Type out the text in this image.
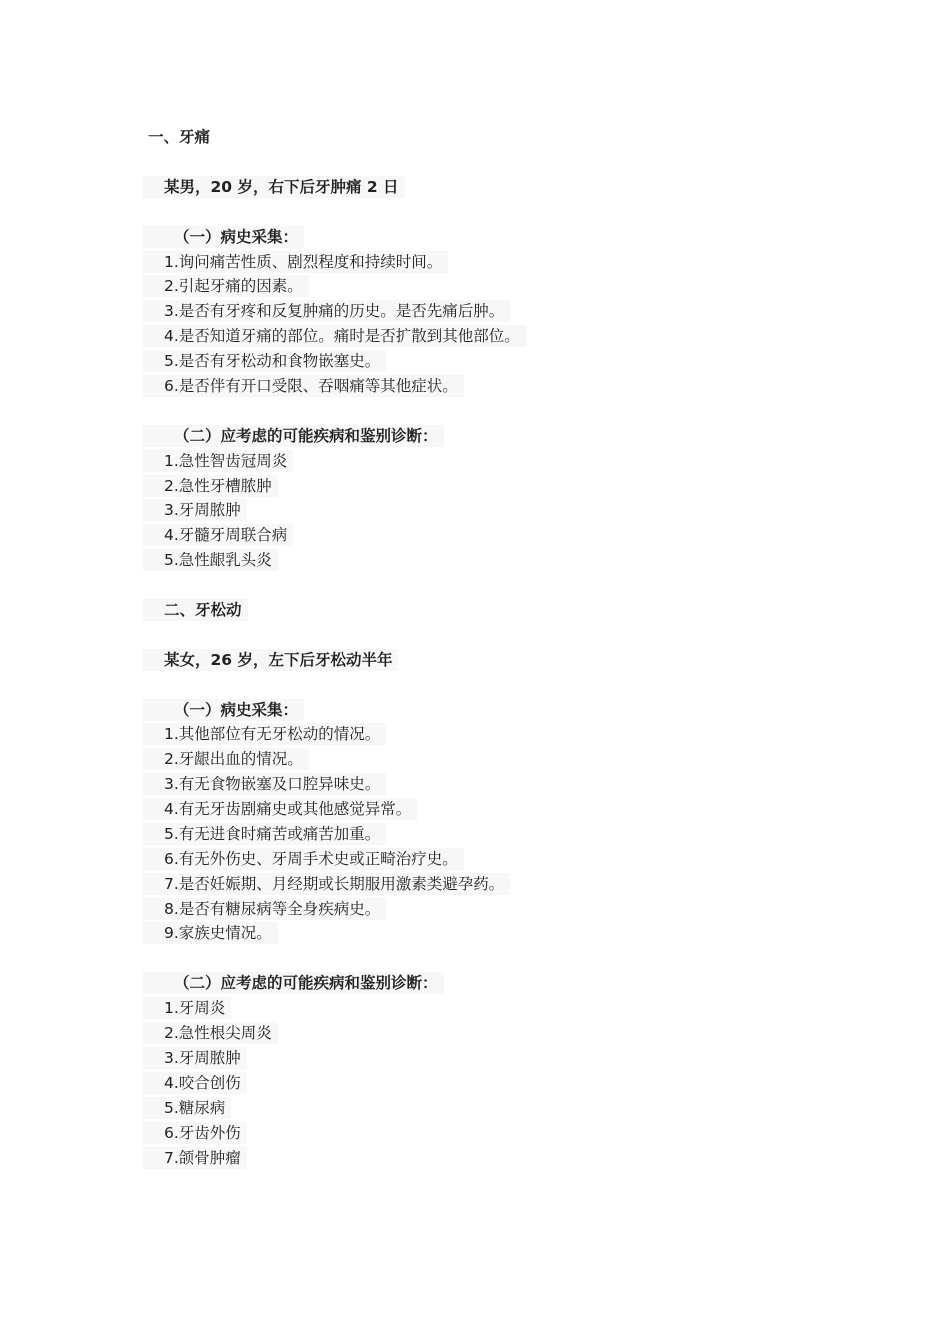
一、牙痛
某男，20 岁，右下后牙肿痛 2 日
（一）病史采集：
1.询问痛苦性质、剧烈程度和持续时间。
2.引起牙痛的因素。
3.是否有牙疼和反复肿痛的历史。是否先痛后肿。
4.是否知道牙痛的部位。痛时是否扩散到其他部位。
5.是否有牙松动和食物嵌塞史。
6.是否伴有开口受限、吞咽痛等其他症状。
（二）应考虑的可能疾病和鉴别诊断：
1.急性智齿冠周炎
2.急性牙槽脓肿
3.牙周脓肿
4.牙髓牙周联合病
5.急性龈乳头炎
二、牙松动
某女，26 岁，左下后牙松动半年
（一）病史采集：
1.其他部位有无牙松动的情况。
2.牙龈出血的情况。
3.有无食物嵌塞及口腔异味史。
4.有无牙齿剧痛史或其他感觉异常。
5.有无进食时痛苦或痛苦加重。
6.有无外伤史、牙周手术史或正畸治疗史。
7.是否妊娠期、月经期或长期服用激素类避孕药。
8.是否有糖尿病等全身疾病史。
9.家族史情况。
（二）应考虑的可能疾病和鉴别诊断：
1.牙周炎
2.急性根尖周炎
3.牙周脓肿
4.咬合创伤
5.糖尿病
6.牙齿外伤
7.颌骨肿瘤
